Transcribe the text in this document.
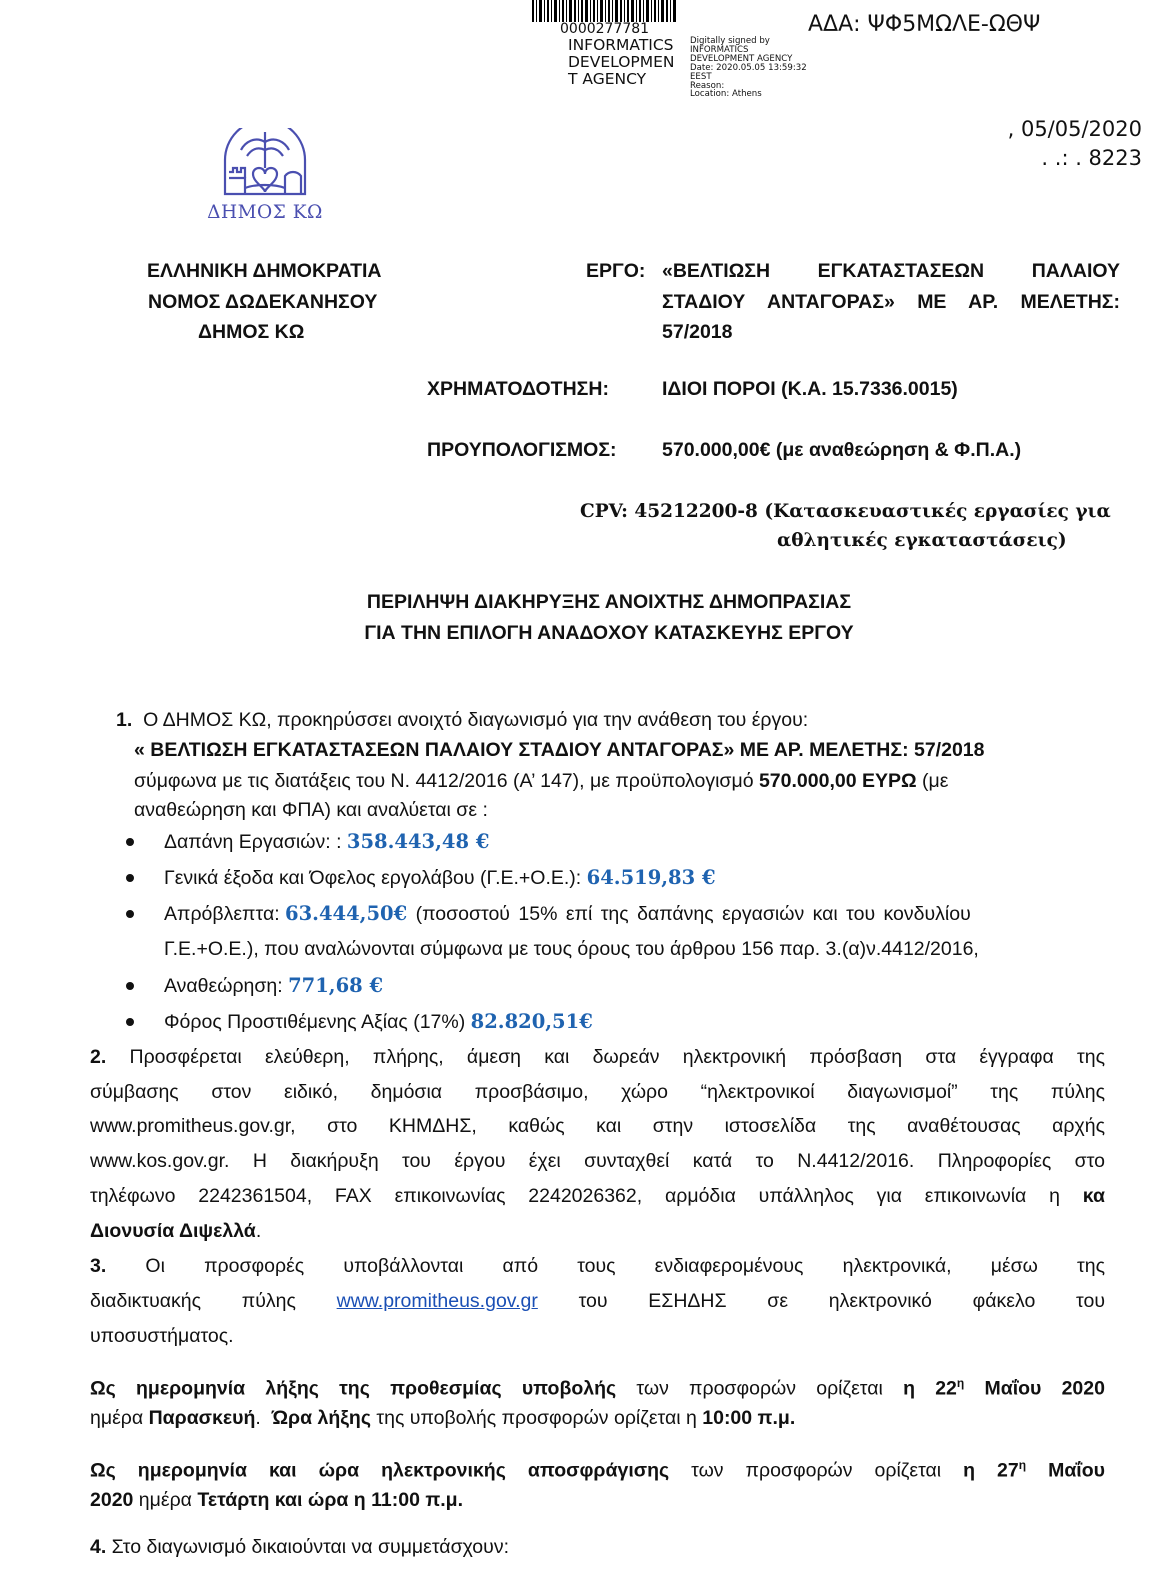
0000277781
INFORMATICS
DEVELOPMEN
T AGENCY
Digitally signed by
INFORMATICS
DEVELOPMENT AGENCY
Date: 2020.05.05 13:59:32
EEST
Reason:
Location: Athens
ΑΔΑ: ΨΦ5ΜΩΛΕ-ΩΘΨ
, 05/05/2020
. .: . 8223
ΔΗΜΟΣ ΚΩ
ΕΛΛΗΝΙΚΗ ΔΗΜΟΚΡΑΤΙΑ
ΝΟΜΟΣ ΔΩΔΕΚΑΝΗΣΟΥ
ΔΗΜΟΣ ΚΩ
ΕΡΓΟ: «ΒΕΛΤΙΩΣΗ ΕΓΚΑΤΑΣΤΑΣΕΩΝ ΠΑΛΑΙΟΥ
ΣΤΑΔΙΟΥ ΑΝΤΑΓΟΡΑΣ» ΜΕ ΑΡ. ΜΕΛΕΤΗΣ:
57/2018
ΧΡΗΜΑΤΟΔΟΤΗΣΗ:	ΙΔΙΟΙ ΠΟΡΟΙ (Κ.Α. 15.7336.0015)
ΠΡΟΥΠΟΛΟΓΙΣΜΟΣ: 570.000,00€ (με αναθεώρηση & Φ.Π.Α.)
CPV: 45212200-8 (Κατασκευαστικές εργασίες για
αθλητικές εγκαταστάσεις)
ΠΕΡΙΛΗΨΗ ΔΙΑΚΗΡΥΞΗΣ ΑΝΟΙΧΤΗΣ ΔΗΜΟΠΡΑΣΙΑΣ
ΓΙΑ ΤΗΝ ΕΠΙΛΟΓΗ ΑΝΑΔΟΧΟΥ ΚΑΤΑΣΚΕΥΗΣ ΕΡΓΟΥ
1. Ο ΔΗΜΟΣ ΚΩ, προκηρύσσει ανοιχτό διαγωνισμό για την ανάθεση του έργου:
« ΒΕΛΤΙΩΣΗ ΕΓΚΑΤΑΣΤΑΣΕΩΝ ΠΑΛΑΙΟΥ ΣΤΑΔΙΟΥ ΑΝΤΑΓΟΡΑΣ» ΜΕ ΑΡ. ΜΕΛΕΤΗΣ: 57/2018
σύμφωνα με τις διατάξεις του Ν. 4412/2016 (Α’ 147), με προϋπολογισμό 570.000,00 ΕΥΡΩ (με
αναθεώρηση και ΦΠΑ) και αναλύεται σε :
Δαπάνη Εργασιών: : 358.443,48 €
Γενικά έξοδα και Όφελος εργολάβου (Γ.Ε.+Ο.Ε.): 64.519,83 €
Απρόβλεπτα: 63.444,50€ (ποσοστού 15% επί της δαπάνης εργασιών και του κονδυλίου
Γ.Ε.+Ο.Ε.), που αναλώνονται σύμφωνα με τους όρους του άρθρου 156 παρ. 3.(α)ν.4412/2016,
Αναθεώρηση: 771,68 €
Φόρος Προστιθέμενης Αξίας (17%) 82.820,51€
2. Προσφέρεται ελεύθερη, πλήρης, άμεση και δωρεάν ηλεκτρονική πρόσβαση στα έγγραφα της
σύμβασης στον ειδικό, δημόσια προσβάσιμο, χώρο “ηλεκτρονικοί διαγωνισμοί” της πύλης
www.promitheus.gov.gr, στο ΚΗΜΔΗΣ, καθώς και στην ιστοσελίδα της αναθέτουσας αρχής
www.kos.gov.gr. Η διακήρυξη του έργου έχει συνταχθεί κατά το Ν.4412/2016. Πληροφορίες στο
τηλέφωνο 2242361504, FAX επικοινωνίας 2242026362, αρμόδια υπάλληλος για επικοινωνία η κα
Διονυσία Διψελλά.
3. Οι προσφορές υποβάλλονται από τους ενδιαφερομένους ηλεκτρονικά, μέσω της
διαδικτυακής πύλης www.promitheus.gov.gr του ΕΣΗΔΗΣ σε ηλεκτρονικό φάκελο του
υποσυστήματος.
Ως ημερομηνία λήξης της προθεσμίας υποβολής των προσφορών ορίζεται η $22^\eta$ Μαΐου 2020
ημέρα Παρασκευή.  Ώρα λήξης της υποβολής προσφορών ορίζεται η 10:00 π.μ.
Ως ημερομηνία και ώρα ηλεκτρονικής αποσφράγισης των προσφορών ορίζεται η $27^\eta$ Μαΐου
2020 ημέρα Τετάρτη και ώρα η 11:00 π.μ.
4. Στο διαγωνισμό δικαιούνται να συμμετάσχουν:
